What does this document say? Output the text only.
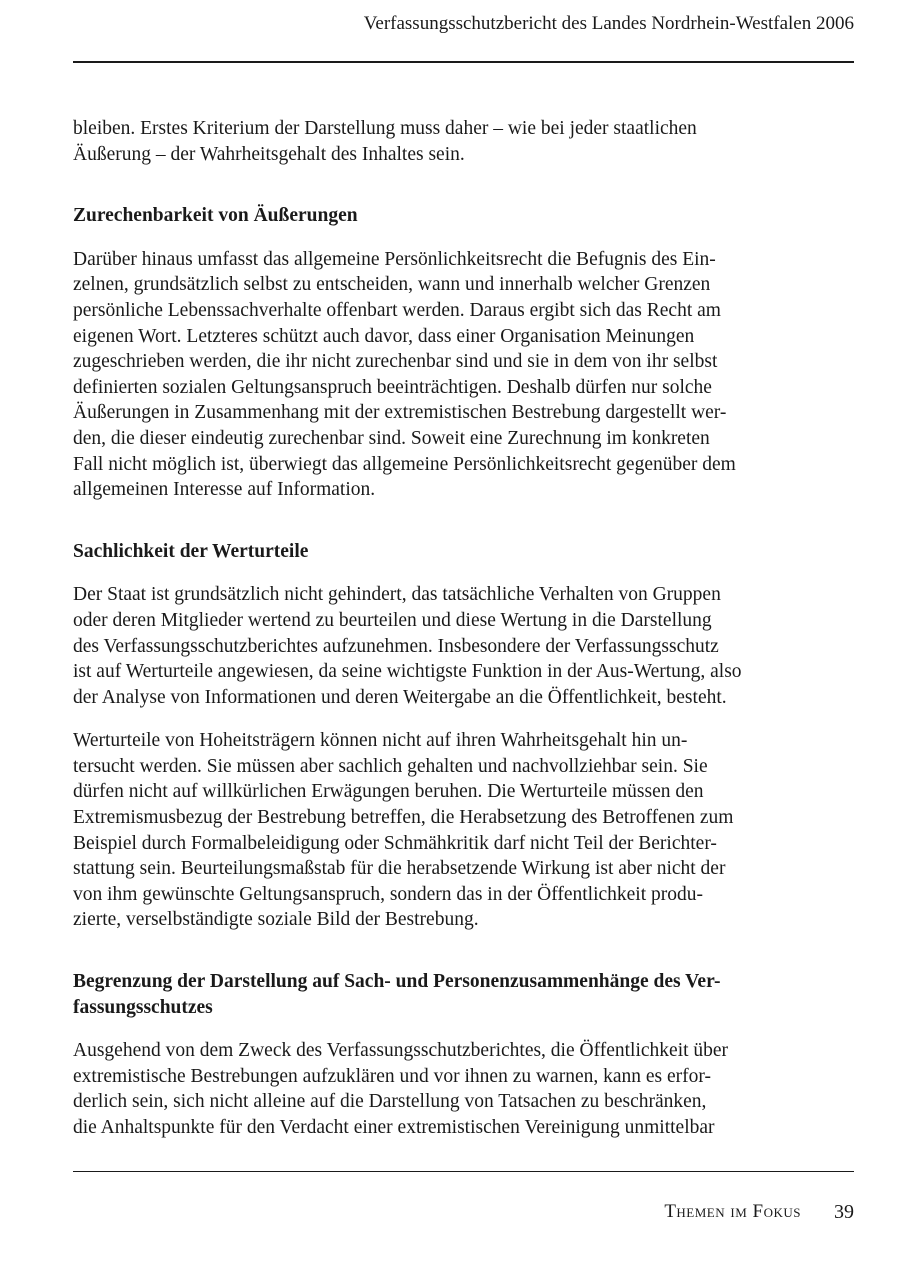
Verfassungsschutzbericht des Landes Nordrhein-Westfalen 2006

bleiben. Erstes Kriterium der Darstellung muss daher – wie bei jeder staatlichen
Äußerung – der Wahrheitsgehalt des Inhaltes sein.

Zurechenbarkeit von Äußerungen

Darüber hinaus umfasst das allgemeine Persönlichkeitsrecht die Befugnis des Ein-
zelnen, grundsätzlich selbst zu entscheiden, wann und innerhalb welcher Grenzen
persönliche Lebenssachverhalte offenbart werden. Daraus ergibt sich das Recht am
eigenen Wort. Letzteres schützt auch davor, dass einer Organisation Meinungen
zugeschrieben werden, die ihr nicht zurechenbar sind und sie in dem von ihr selbst
definierten sozialen Geltungsanspruch beeinträchtigen. Deshalb dürfen nur solche
Äußerungen in Zusammenhang mit der extremistischen Bestrebung dargestellt wer-
den, die dieser eindeutig zurechenbar sind. Soweit eine Zurechnung im konkreten
Fall nicht möglich ist, überwiegt das allgemeine Persönlichkeitsrecht gegenüber dem
allgemeinen Interesse auf Information.

Sachlichkeit der Werturteile

Der Staat ist grundsätzlich nicht gehindert, das tatsächliche Verhalten von Gruppen
oder deren Mitglieder wertend zu beurteilen und diese Wertung in die Darstellung
des Verfassungsschutzberichtes aufzunehmen. Insbesondere der Verfassungsschutz
ist auf Werturteile angewiesen, da seine wichtigste Funktion in der Aus-Wertung, also
der Analyse von Informationen und deren Weitergabe an die Öffentlichkeit, besteht.

Werturteile von Hoheitsträgern können nicht auf ihren Wahrheitsgehalt hin un-
tersucht werden. Sie müssen aber sachlich gehalten und nachvollziehbar sein. Sie
dürfen nicht auf willkürlichen Erwägungen beruhen. Die Werturteile müssen den
Extremismusbezug der Bestrebung betreffen, die Herabsetzung des Betroffenen zum
Beispiel durch Formalbeleidigung oder Schmähkritik darf nicht Teil der Berichter-
stattung sein. Beurteilungsmaßstab für die herabsetzende Wirkung ist aber nicht der
von ihm gewünschte Geltungsanspruch, sondern das in der Öffentlichkeit produ-
zierte, verselbständigte soziale Bild der Bestrebung.

Begrenzung der Darstellung auf Sach- und Personenzusammenhänge des Ver-
fassungsschutzes

Ausgehend von dem Zweck des Verfassungsschutzberichtes, die Öffentlichkeit über
extremistische Bestrebungen aufzuklären und vor ihnen zu warnen, kann es erfor-
derlich sein, sich nicht alleine auf die Darstellung von Tatsachen zu beschränken,
die Anhaltspunkte für den Verdacht einer extremistischen Vereinigung unmittelbar

Themen im Fokus 39
